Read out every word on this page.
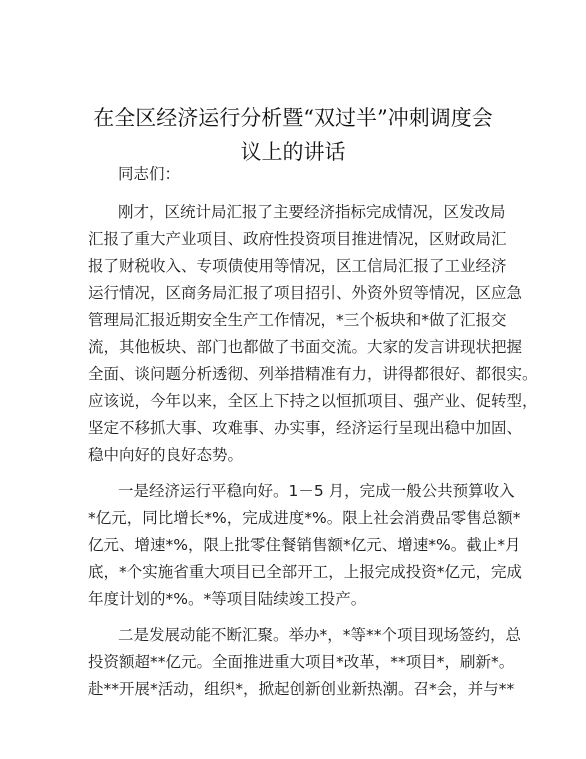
在全区经济运行分析暨“双过半”冲刺调度会
议上的讲话
同志们：
刚才，区统计局汇报了主要经济指标完成情况，区发改局
汇报了重大产业项目、政府性投资项目推进情况，区财政局汇
报了财税收入、专项债使用等情况，区工信局汇报了工业经济
运行情况，区商务局汇报了项目招引、外资外贸等情况，区应急
管理局汇报近期安全生产工作情况，*三个板块和*做了汇报交
流，其他板块、部门也都做了书面交流。大家的发言讲现状把握
全面、谈问题分析透彻、列举措精准有力，讲得都很好、都很实。
应该说，今年以来，全区上下持之以恒抓项目、强产业、促转型，
坚定不移抓大事、攻难事、办实事，经济运行呈现出稳中加固、
稳中向好的良好态势。
一是经济运行平稳向好。1－5 月，完成一般公共预算收入
*亿元，同比增长*%，完成进度*%。限上社会消费品零售总额*
亿元、增速*%，限上批零住餐销售额*亿元、增速*%。截止*月
底，*个实施省重大项目已全部开工，上报完成投资*亿元，完成
年度计划的*%。*等项目陆续竣工投产。
二是发展动能不断汇聚。举办*，*等**个项目现场签约，总
投资额超**亿元。全面推进重大项目*改革，**项目*，刷新*。
赴**开展*活动，组织*，掀起创新创业新热潮。召*会，并与**
